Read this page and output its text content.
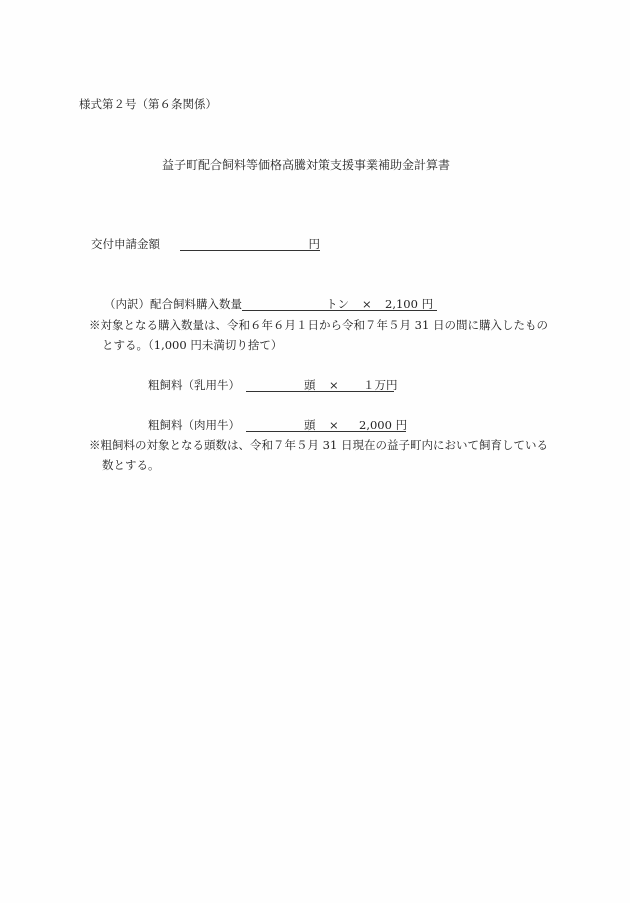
様式第２号（第６条関係）
益子町配合飼料等価格高騰対策支援事業補助金計算書
交付申請金額	円
（内訳）配合飼料購入数量	トン × 2,100 円
※対象となる購入数量は、令和６年６月１日から令和７年５月 31 日の間に購入したもの
とする。（1,000 円未満切り捨て）
粗飼料（乳用牛）	頭 × １万円
粗飼料（肉用牛）	頭 × 2,000 円
※粗飼料の対象となる頭数は、令和７年５月 31 日現在の益子町内において飼育している
数とする。
